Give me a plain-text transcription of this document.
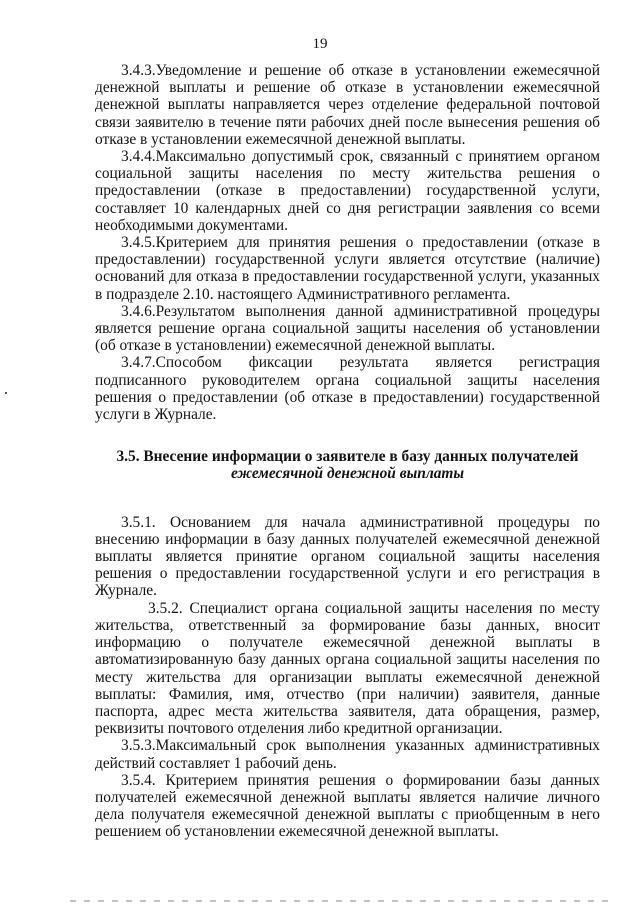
19

3.4.3.Уведомление и решение об отказе в установлении ежемесячной денежной выплаты и решение об отказе в установлении ежемесячной денежной выплаты направляется через отделение федеральной почтовой связи заявителю в течение пяти рабочих дней после вынесения решения об отказе в установлении ежемесячной денежной выплаты.

3.4.4.Максимально допустимый срок, связанный с принятием органом социальной защиты населения по месту жительства решения о предоставлении (отказе в предоставлении) государственной услуги, составляет 10 календарных дней со дня регистрации заявления со всеми необходимыми документами.

3.4.5.Критерием для принятия решения о предоставлении (отказе в предоставлении) государственной услуги является отсутствие (наличие) оснований для отказа в предоставлении государственной услуги, указанных в подразделе 2.10. настоящего Административного регламента.

3.4.6.Результатом выполнения данной административной процедуры является решение органа социальной защиты населения об установлении (об отказе в установлении) ежемесячной денежной выплаты.

3.4.7.Способом фиксации результата является регистрация подписанного руководителем органа социальной защиты населения решения о предоставлении (об отказе в предоставлении) государственной услуги в Журнале.

3.5. Внесение информации о заявителе в базу данных получателей
ежемесячной денежной выплаты

3.5.1. Основанием для начала административной процедуры по внесению информации в базу данных получателей ежемесячной денежной выплаты является принятие органом социальной защиты населения решения о предоставлении государственной услуги и его регистрация в Журнале.

3.5.2. Специалист органа социальной защиты населения по месту жительства, ответственный за формирование базы данных, вносит информацию о получателе ежемесячной денежной выплаты в автоматизированную базу данных органа социальной защиты населения по месту жительства для организации выплаты ежемесячной денежной выплаты: Фамилия, имя, отчество (при наличии) заявителя, данные паспорта, адрес места жительства заявителя, дата обращения, размер, реквизиты почтового отделения либо кредитной организации.

3.5.3.Максимальный срок выполнения указанных административных действий составляет 1 рабочий день.

3.5.4. Критерием принятия решения о формировании базы данных получателей ежемесячной денежной выплаты является наличие личного дела получателя ежемесячной денежной выплаты с приобщенным в него решением об установлении ежемесячной денежной выплаты.
